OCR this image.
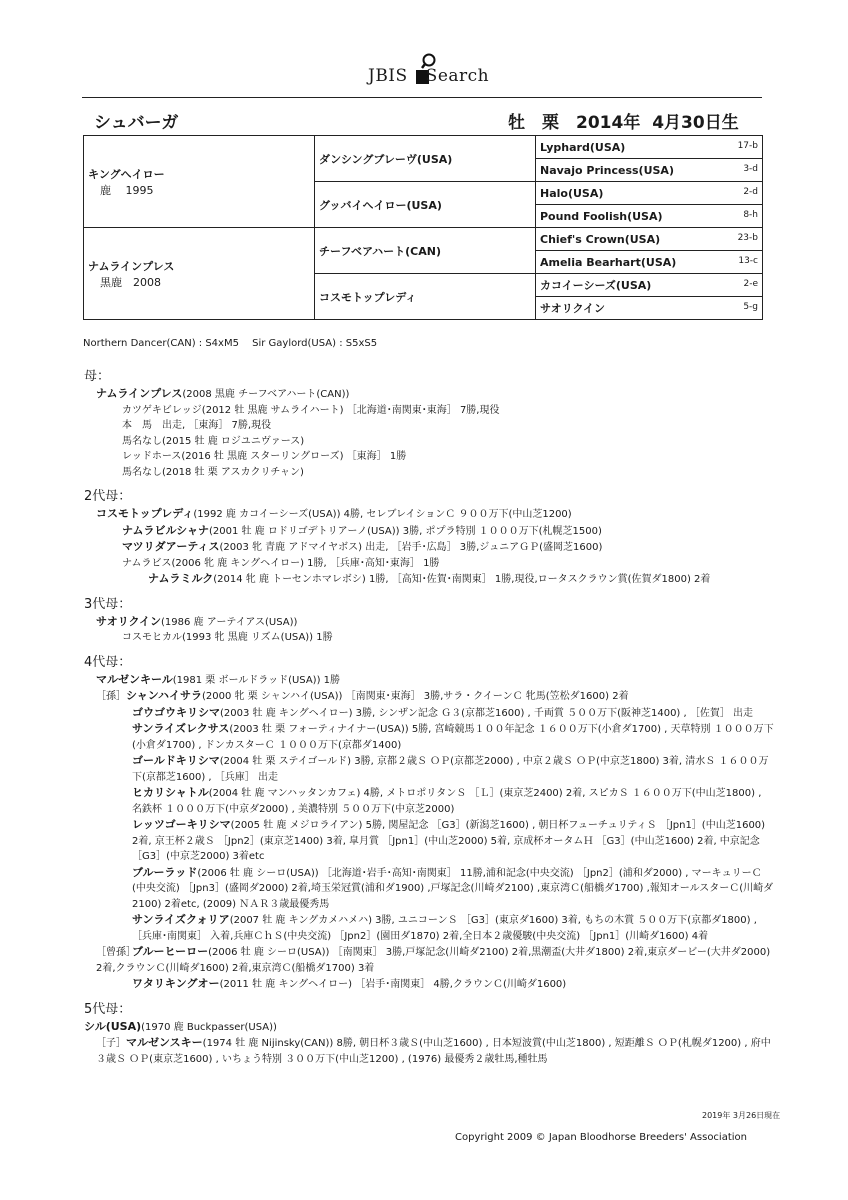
JBIS Search
シュバーガ	牡　栗　2014年 4月30日生
キングヘイロー
鹿　 1995	ダンシングブレーヴ(USA)	Lyphard(USA) 17-b

		Navajo Princess(USA) 3-d

	グッバイヘイロー(USA)	Halo(USA) 2-d

		Pound Foolish(USA) 8-h

ナムラインプレス
黒鹿　2008	チーフベアハート(CAN)	Chief's Crown(USA) 23-b

		Amelia Bearhart(USA) 13-c

	コスモトップレディ	カコイーシーズ(USA) 2-e

		サオリクイン 5-g
Northern Dancer(CAN) : S4xM5　 Sir Gaylord(USA) : S5xS5
母：
ナムラインプレス(2008 黒鹿 チーフベアハート(CAN))
カツゲキビレッジ(2012 牡 黒鹿 サムライハート) ［北海道･南関東･東海］ 7勝,現役
本　馬　出走, ［東海］ 7勝,現役
馬名なし(2015 牡 鹿 ロジユニヴァース)
レッドホース(2016 牡 黒鹿 スターリングローズ) ［東海］ 1勝
馬名なし(2018 牡 栗 アスカクリチャン)
2代母：
コスモトップレディ(1992 鹿 カコイーシーズ(USA)) 4勝, セレブレイションＣ ９００万下(中山芝1200)
ナムラビルシャナ(2001 牡 鹿 ロドリゴデトリアーノ(USA)) 3勝, ポプラ特別 １０００万下(札幌芝1500)
マツリダアーティス(2003 牝 青鹿 アドマイヤボス) 出走, ［岩手･広島］ 3勝,ジュニアＧＰ(盛岡芝1600)
ナムラビス(2006 牝 鹿 キングヘイロー) 1勝, ［兵庫･高知･東海］ 1勝
ナムラミルク(2014 牝 鹿 トーセンホマレボシ) 1勝, ［高知･佐賀･南関東］ 1勝,現役,ロータスクラウン賞(佐賀ダ1800) 2着
3代母：
サオリクイン(1986 鹿 アーテイアス(USA))
コスモヒカル(1993 牝 黒鹿 リズム(USA)) 1勝
4代母：
マルゼンキール(1981 栗 ボールドラッド(USA)) 1勝
［孫］シャンハイサラ(2000 牝 栗 シャンハイ(USA)) ［南関東･東海］ 3勝,サラ・クイーンＣ 牝馬(笠松ダ1600) 2着
ゴウゴウキリシマ(2003 牡 鹿 キングヘイロー) 3勝, シンザン記念 Ｇ３(京都芝1600) , 千両賞 ５００万下(阪神芝1400) , ［佐賀］ 出走
サンライズレクサス(2003 牡 栗 フォーティナイナー(USA)) 5勝, 宮崎競馬１００年記念 １６００万下(小倉ダ1700) , 天草特別 １０００万下(小倉ダ1700) , ドンカスターＣ １０００万下(京都ダ1400)
ゴールドキリシマ(2004 牡 栗 ステイゴールド) 3勝, 京都２歳Ｓ ＯＰ(京都芝2000) , 中京２歳Ｓ ＯＰ(中京芝1800) 3着, 清水Ｓ １６００万下(京都芝1600) , ［兵庫］ 出走
ヒカリシャトル(2004 牡 鹿 マンハッタンカフェ) 4勝, メトロポリタンＳ ［Ｌ］(東京芝2400) 2着, スピカＳ １６００万下(中山芝1800) , 名鉄杯 １０００万下(中京ダ2000) , 美濃特別 ５００万下(中京芝2000)
レッツゴーキリシマ(2005 牡 鹿 メジロライアン) 5勝, 関屋記念 ［G3］(新潟芝1600) , 朝日杯フューチュリティＳ ［Jpn1］(中山芝1600) 2着, 京王杯２歳Ｓ ［Jpn2］(東京芝1400) 3着, 皐月賞 ［Jpn1］(中山芝2000) 5着, 京成杯オータムＨ ［G3］(中山芝1600) 2着, 中京記念 ［G3］(中京芝2000) 3着etc
ブルーラッド(2006 牡 鹿 シーロ(USA)) ［北海道･岩手･高知･南関東］ 11勝,浦和記念(中央交流) ［Jpn2］(浦和ダ2000) , マーキュリーＣ(中央交流) ［Jpn3］(盛岡ダ2000) 2着,埼玉栄冠賞(浦和ダ1900) ,戸塚記念(川崎ダ2100) ,東京湾Ｃ(船橋ダ1700) ,報知オールスターＣ(川崎ダ2100) 2着etc, (2009) ＮＡＲ３歳最優秀馬
サンライズクォリア(2007 牡 鹿 キングカメハメハ) 3勝, ユニコーンＳ ［G3］(東京ダ1600) 3着, もちの木賞 ５００万下(京都ダ1800) , ［兵庫･南関東］ 入着,兵庫ＣｈＳ(中央交流) ［Jpn2］(園田ダ1870) 2着,全日本２歳優駿(中央交流) ［Jpn1］(川崎ダ1600) 4着
［曾孫］ブルーヒーロー(2006 牡 鹿 シーロ(USA)) ［南関東］ 3勝,戸塚記念(川崎ダ2100) 2着,黒潮盃(大井ダ1800) 2着,東京ダービー(大井ダ2000) 2着,クラウンＣ(川崎ダ1600) 2着,東京湾Ｃ(船橋ダ1700) 3着
ワタリキングオー(2011 牡 鹿 キングヘイロー) ［岩手･南関東］ 4勝,クラウンＣ(川崎ダ1600)
5代母：
シル(USA)(1970 鹿 Buckpasser(USA))
［子］マルゼンスキー(1974 牡 鹿 Nijinsky(CAN)) 8勝, 朝日杯３歳Ｓ(中山芝1600) , 日本短波賞(中山芝1800) , 短距離Ｓ ＯＰ(札幌ダ1200) , 府中３歳Ｓ ＯＰ(東京芝1600) , いちょう特別 ３００万下(中山芝1200) , (1976) 最優秀２歳牡馬,種牡馬
2019年 3月26日現在
Copyright 2009 © Japan Bloodhorse Breeders' Association
